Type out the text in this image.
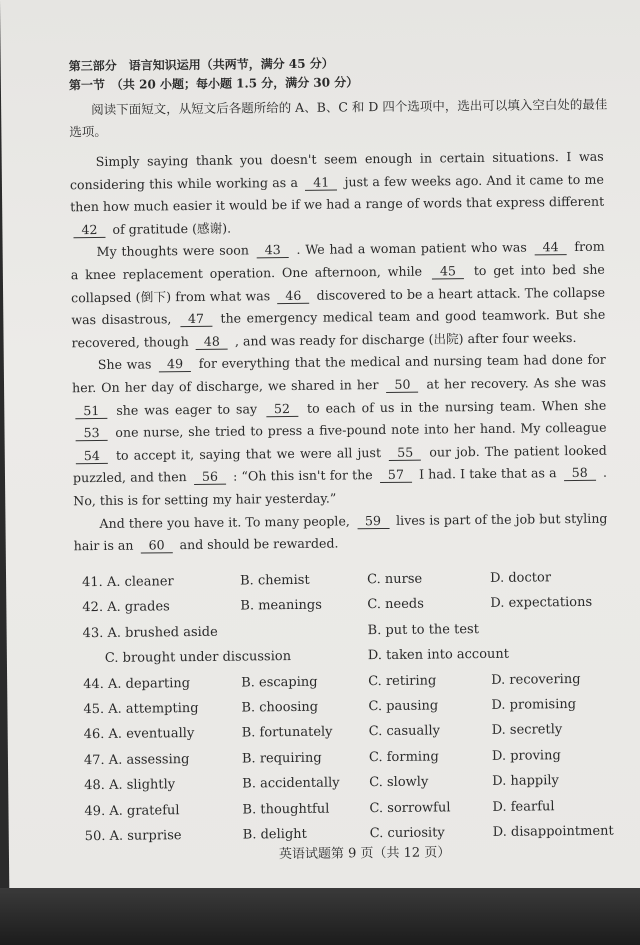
第三部分　语言知识运用（共两节，满分 45 分）
第一节　（共 20 小题；每小题 1.5 分，满分 30 分）
阅读下面短文，从短文后各题所给的 A、B、C 和 D 四个选项中，选出可以填入空白处的最佳选项。

Simply saying thank you doesn't seem enough in certain situations. I was considering this while working as a 41 just a few weeks ago. And it came to me then how much easier it would be if we had a range of words that express different 42 of gratitude (感谢).

My thoughts were soon 43 . We had a woman patient who was 44 from a knee replacement operation. One afternoon, while 45 to get into bed she collapsed (倒下) from what was 46 discovered to be a heart attack. The collapse was disastrous, 47 the emergency medical team and good teamwork. But she recovered, though 48 , and was ready for discharge (出院) after four weeks.

She was 49 for everything that the medical and nursing team had done for her. On her day of discharge, we shared in her 50 at her recovery. As she was 51 she was eager to say 52 to each of us in the nursing team. When she 53 one nurse, she tried to press a five-pound note into her hand. My colleague 54 to accept it, saying that we were all just 55 our job. The patient looked puzzled, and then 56 : “Oh this isn't for the 57 I had. I take that as a 58 . No, this is for setting my hair yesterday.”

And there you have it. To many people, 59 lives is part of the job but styling hair is an 60 and should be rewarded.

41. A. cleaner	B. chemist	C. nurse	D. doctor
42. A. grades	B. meanings	C. needs	D. expectations
43. A. brushed aside	B. put to the test
C. brought under discussion	D. taken into account
44. A. departing	B. escaping	C. retiring	D. recovering
45. A. attempting	B. choosing	C. pausing	D. promising
46. A. eventually	B. fortunately	C. casually	D. secretly
47. A. assessing	B. requiring	C. forming	D. proving
48. A. slightly	B. accidentally C. slowly	D. happily
49. A. grateful	B. thoughtful	C. sorrowful	D. fearful
50. A. surprise	B. delight	C. curiosity	D. disappointment
英语试题第 9 页（共 12 页）
